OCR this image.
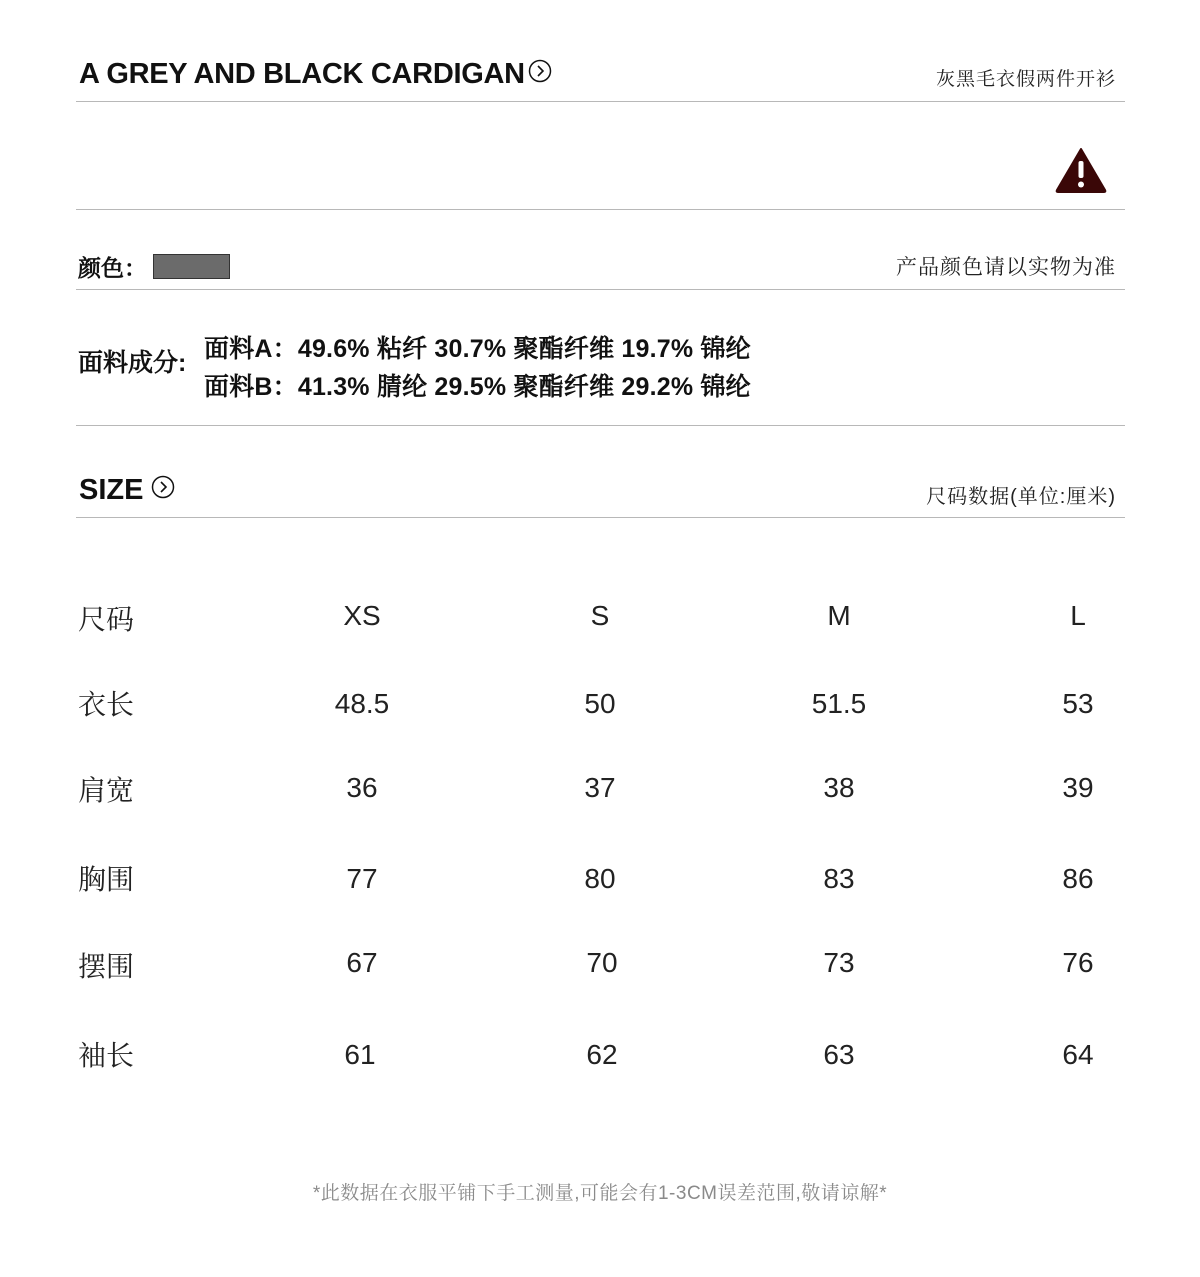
A GREY AND BLACK CARDIGAN	灰黑毛衣假两件开衫
颜色：	产品颜色请以实物为准
面料成分: 面料A：49.6% 粘纤 30.7% 聚酯纤维 19.7% 锦纶
面料B：41.3% 腈纶 29.5% 聚酯纤维 29.2% 锦纶
SIZE	尺码数据(单位:厘米)
尺码	XS	S	M	L
衣长	48.5	50	51.5	53
肩宽	36	37	38	39
胸围	77	80	83	86
摆围	67	70	73	76
袖长	61	62	63	64
*此数据在衣服平铺下手工测量,可能会有1-3CM误差范围,敬请谅解*
